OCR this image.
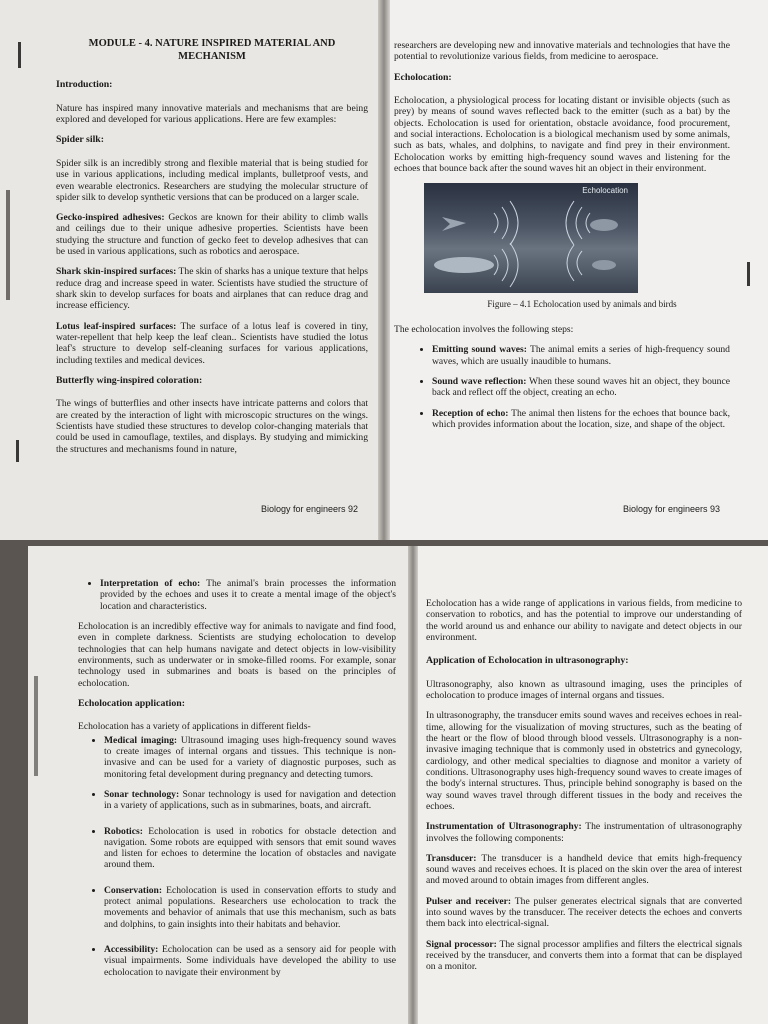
MODULE - 4. NATURE INSPIRED MATERIAL AND MECHANISM
Introduction:

Nature has inspired many innovative materials and mechanisms that are being explored and developed for various applications. Here are few examples:

Spider silk:

Spider silk is an incredibly strong and flexible material that is being studied for use in various applications, including medical implants, bulletproof vests, and even wearable electronics. Researchers are studying the molecular structure of spider silk to develop synthetic versions that can be produced on a larger scale.

Gecko-inspired adhesives: Geckos are known for their ability to climb walls and ceilings due to their unique adhesive properties. Scientists have been studying the structure and function of gecko feet to develop adhesives that can be used in various applications, such as robotics and aerospace.

Shark skin-inspired surfaces: The skin of sharks has a unique texture that helps reduce drag and increase speed in water. Scientists have studied the structure of shark skin to develop surfaces for boats and airplanes that can reduce drag and increase efficiency.

Lotus leaf-inspired surfaces: The surface of a lotus leaf is covered in tiny, water-repellent that help keep the leaf clean.. Scientists have studied the lotus leaf's structure to develop self-cleaning surfaces for various applications, including textiles and medical devices.

Butterfly wing-inspired coloration:

The wings of butterflies and other insects have intricate patterns and colors that are created by the interaction of light with microscopic structures on the wings. Scientists have studied these structures to develop color-changing materials that could be used in camouflage, textiles, and displays. By studying and mimicking the structures and mechanisms found in nature,

Biology for engineers 92

researchers are developing new and innovative materials and technologies that have the potential to revolutionize various fields, from medicine to aerospace.

Echolocation:

Echolocation, a physiological process for locating distant or invisible objects (such as prey) by means of sound waves reflected back to the emitter (such as a bat) by the objects. Echolocation is used for orientation, obstacle avoidance, food procurement, and social interactions. Echolocation is a biological mechanism used by some animals, such as bats, whales, and dolphins, to navigate and find prey in their environment. Echolocation works by emitting high-frequency sound waves and listening for the echoes that bounce back after the sound waves hit an object in their environment.

Echolocation

Figure – 4.1 Echolocation used by animals and birds

The echolocation involves the following steps:

• Emitting sound waves: The animal emits a series of high-frequency sound waves, which are usually inaudible to humans.
• Sound wave reflection: When these sound waves hit an object, they bounce back and reflect off the object, creating an echo.
• Reception of echo: The animal then listens for the echoes that bounce back, which provides information about the location, size, and shape of the object.
Biology for engineers 93
• Interpretation of echo: The animal's brain processes the information provided by the echoes and uses it to create a mental image of the object's location and characteristics.

Echolocation is an incredibly effective way for animals to navigate and find food, even in complete darkness. Scientists are studying echolocation to develop technologies that can help humans navigate and detect objects in low-visibility environments, such as underwater or in smoke-filled rooms. For example, sonar technology used in submarines and boats is based on the principles of echolocation.

Echolocation application:

Echolocation has a variety of applications in different fields-

• Medical imaging: Ultrasound imaging uses high-frequency sound waves to create images of internal organs and tissues. This technique is non-invasive and can be used for a variety of diagnostic purposes, such as monitoring fetal development during pregnancy and detecting tumors.
• Sonar technology: Sonar technology is used for navigation and detection in a variety of applications, such as in submarines, boats, and aircraft.
• Robotics: Echolocation is used in robotics for obstacle detection and navigation. Some robots are equipped with sensors that emit sound waves and listen for echoes to determine the location of obstacles and navigate around them.
• Conservation: Echolocation is used in conservation efforts to study and protect animal populations. Researchers use echolocation to track the movements and behavior of animals that use this mechanism, such as bats and dolphins, to gain insights into their habitats and behavior.
• Accessibility: Echolocation can be used as a sensory aid for people with visual impairments. Some individuals have developed the ability to use echolocation to navigate their environment by

Echolocation has a wide range of applications in various fields, from medicine to conservation to robotics, and has the potential to improve our understanding of the world around us and enhance our ability to navigate and detect objects in our environment.

Application of Echolocation in ultrasonography:

Ultrasonography, also known as ultrasound imaging, uses the principles of echolocation to produce images of internal organs and tissues.

In ultrasonography, the transducer emits sound waves and receives echoes in real-time, allowing for the visualization of moving structures, such as the beating of the heart or the flow of blood through blood vessels. Ultrasonography is a non-invasive imaging technique that is commonly used in obstetrics and gynecology, cardiology, and other medical specialties to diagnose and monitor a variety of conditions. Ultrasonography uses high-frequency sound waves to create images of the body's internal structures. Thus, principle behind sonography is based on the way sound waves travel through different tissues in the body and receives the echoes.

Instrumentation of Ultrasonography: The instrumentation of ultrasonography involves the following components:

Transducer: The transducer is a handheld device that emits high-frequency sound waves and receives echoes. It is placed on the skin over the area of interest and moved around to obtain images from different angles.

Pulser and receiver: The pulser generates electrical signals that are converted into sound waves by the transducer. The receiver detects the echoes and converts them back into electrical-signal.

Signal processor: The signal processor amplifies and filters the electrical signals received by the transducer, and converts them into a format that can be displayed on a monitor.
